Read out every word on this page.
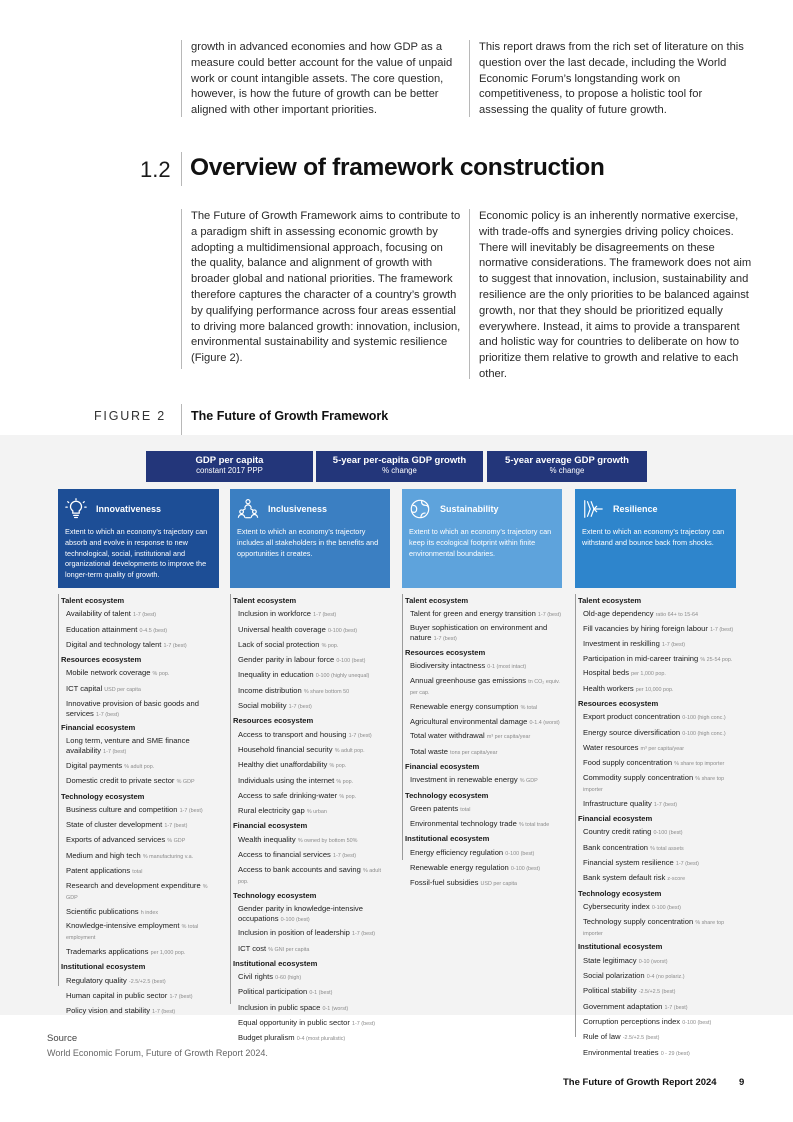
growth in advanced economies and how GDP as a measure could better account for the value of unpaid work or count intangible assets. The core question, however, is how the future of growth can be better aligned with other important priorities.
This report draws from the rich set of literature on this question over the last decade, including the World Economic Forum’s longstanding work on competitiveness, to propose a holistic tool for assessing the quality of future growth.
1.2 Overview of framework construction
The Future of Growth Framework aims to contribute to a paradigm shift in assessing economic growth by adopting a multidimensional approach, focusing on the quality, balance and alignment of growth with broader global and national priorities. The framework therefore captures the character of a country’s growth by qualifying performance across four areas essential to driving more balanced growth: innovation, inclusion, environmental sustainability and systemic resilience (Figure 2).
Economic policy is an inherently normative exercise, with trade-offs and synergies driving policy choices. There will inevitably be disagreements on these normative considerations. The framework does not aim to suggest that innovation, inclusion, sustainability and resilience are the only priorities to be balanced against growth, nor that they should be prioritized equally everywhere. Instead, it aims to provide a transparent and holistic way for countries to deliberate on how to prioritize them relative to growth and relative to each other.
FIGURE 2 The Future of Growth Framework
GDP per capita
constant 2017 PPP
5-year per-capita GDP growth
% change
5-year average GDP growth
% change
Innovativeness
Extent to which an economy’s trajectory can absorb and evolve in response to new technological, social, institutional and organizational developments to improve the longer-term quality of growth.
Inclusiveness
Extent to which an economy’s trajectory includes all stakeholders in the benefits and opportunities it creates.
Sustainability
Extent to which an economy’s trajectory can keep its ecological footprint within finite environmental boundaries.
Resilience
Extent to which an economy’s trajectory can withstand and bounce back from shocks.
Talent ecosystem
Availability of talent 1-7 (best)
Education attainment 0-4.5 (best)
Digital and technology talent 1-7 (best)
Resources ecosystem
Mobile network coverage % pop.
ICT capital USD per capita
Innovative provision of basic goods and services 1-7 (best)
Financial ecosystem
Long term, venture and SME finance availability 1-7 (best)
Digital payments % adult pop.
Domestic credit to private sector % GDP
Technology ecosystem
Business culture and competition 1-7 (best)
State of cluster development 1-7 (best)
Exports of advanced services % GDP
Medium and high tech % manufacturing v.a.
Patent applications total
Research and development expenditure % GDP
Scientific publications h index
Knowledge-intensive employment % total employment
Trademarks applications per 1,000 pop.
Institutional ecosystem
Regulatory quality -2.5/+2.5 (best)
Human capital in public sector 1-7 (best)
Policy vision and stability 1-7 (best)
Talent ecosystem
Inclusion in workforce 1-7 (best)
Universal health coverage 0-100 (best)
Lack of social protection % pop.
Gender parity in labour force 0-100 (best)
Inequality in education 0-100 (highly unequal)
Income distribution % share bottom 50
Social mobility 1-7 (best)
Resources ecosystem
Access to transport and housing 1-7 (best)
Household financial security % adult pop.
Healthy diet unaffordability % pop.
Individuals using the internet % pop.
Access to safe drinking-water % pop.
Rural electricity gap % urban
Financial ecosystem
Wealth inequality % owned by bottom 50%
Access to financial services 1-7 (best)
Access to bank accounts and saving % adult pop.
Technology ecosystem
Gender parity in knowledge-intensive occupations 0-100 (best)
Inclusion in position of leadership 1-7 (best)
ICT cost % GNI per capita
Institutional ecosystem
Civil rights 0-60 (high)
Political participation 0-1 (best)
Inclusion in public space 0-1 (worst)
Equal opportunity in public sector 1-7 (best)
Budget pluralism 0-4 (most pluralistic)
Talent ecosystem
Talent for green and energy transition 1-7 (best)
Buyer sophistication on environment and nature 1-7 (best)
Resources ecosystem
Biodiversity intactness 0-1 (most intact)
Annual greenhouse gas emissions tn CO₂ equiv. per cap.
Renewable energy consumption % total
Agricultural environmental damage 0-1.4 (worst)
Total water withdrawal m³ per capita/year
Total waste tons per capita/year
Financial ecosystem
Investment in renewable energy % GDP
Technology ecosystem
Green patents total
Environmental technology trade % total trade
Institutional ecosystem
Energy efficiency regulation 0-100 (best)
Renewable energy regulation 0-100 (best)
Fossil-fuel subsidies USD per capita
Talent ecosystem
Old-age dependency ratio 64+ to 15-64
Fill vacancies by hiring foreign labour 1-7 (best)
Investment in reskilling 1-7 (best)
Participation in mid-career training % 25-54 pop.
Hospital beds per 1,000 pop.
Health workers per 10,000 pop.
Resources ecosystem
Export product concentration 0-100 (high conc.)
Energy source diversification 0-100 (high conc.)
Water resources m³ per capita/year
Food supply concentration % share top importer
Commodity supply concentration % share top importer
Infrastructure quality 1-7 (best)
Financial ecosystem
Country credit rating 0-100 (best)
Bank concentration % total assets
Financial system resilience 1-7 (best)
Bank system default risk z-score
Technology ecosystem
Cybersecurity index 0-100 (best)
Technology supply concentration % share top importer
Institutional ecosystem
State legitimacy 0-10 (worst)
Social polarization 0-4 (no polariz.)
Political stability -2.5/+2.5 (best)
Government adaptation 1-7 (best)
Corruption perceptions index 0-100 (best)
Rule of law -2.5/+2.5 (best)
Environmental treaties 0 - 29 (best)
Source
World Economic Forum, Future of Growth Report 2024.
The Future of Growth Report 2024 9
